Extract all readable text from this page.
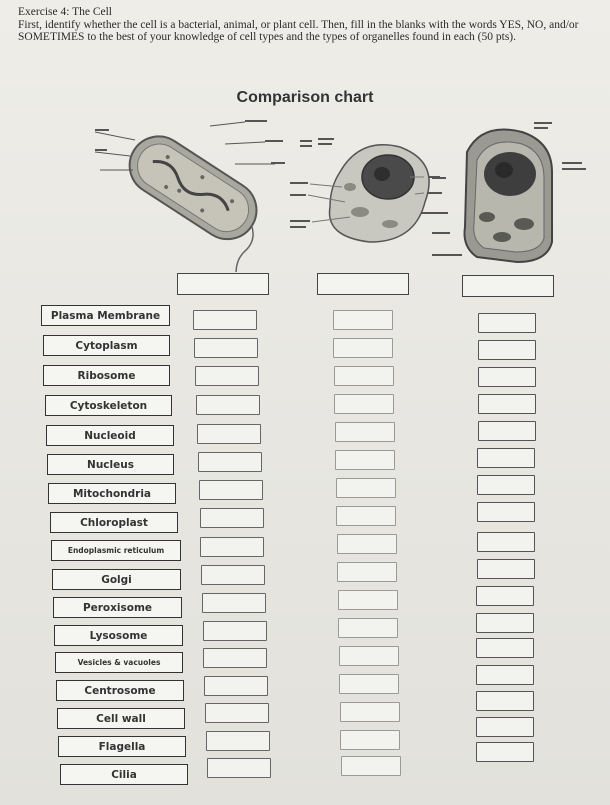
Exercise 4: The Cell
First, identify whether the cell is a bacterial, animal, or plant cell. Then, fill in the blanks with the words YES, NO, and/or SOMETIMES to the best of your knowledge of cell types and the types of organelles found in each (50 pts).
Comparison chart
Plasma Membrane
Cytoplasm
Ribosome
Cytoskeleton
Nucleoid
Nucleus
Mitochondria
Chloroplast
Endoplasmic reticulum
Golgi
Peroxisome
Lysosome
Vesicles & vacuoles
Centrosome
Cell wall
Flagella
Cilia
